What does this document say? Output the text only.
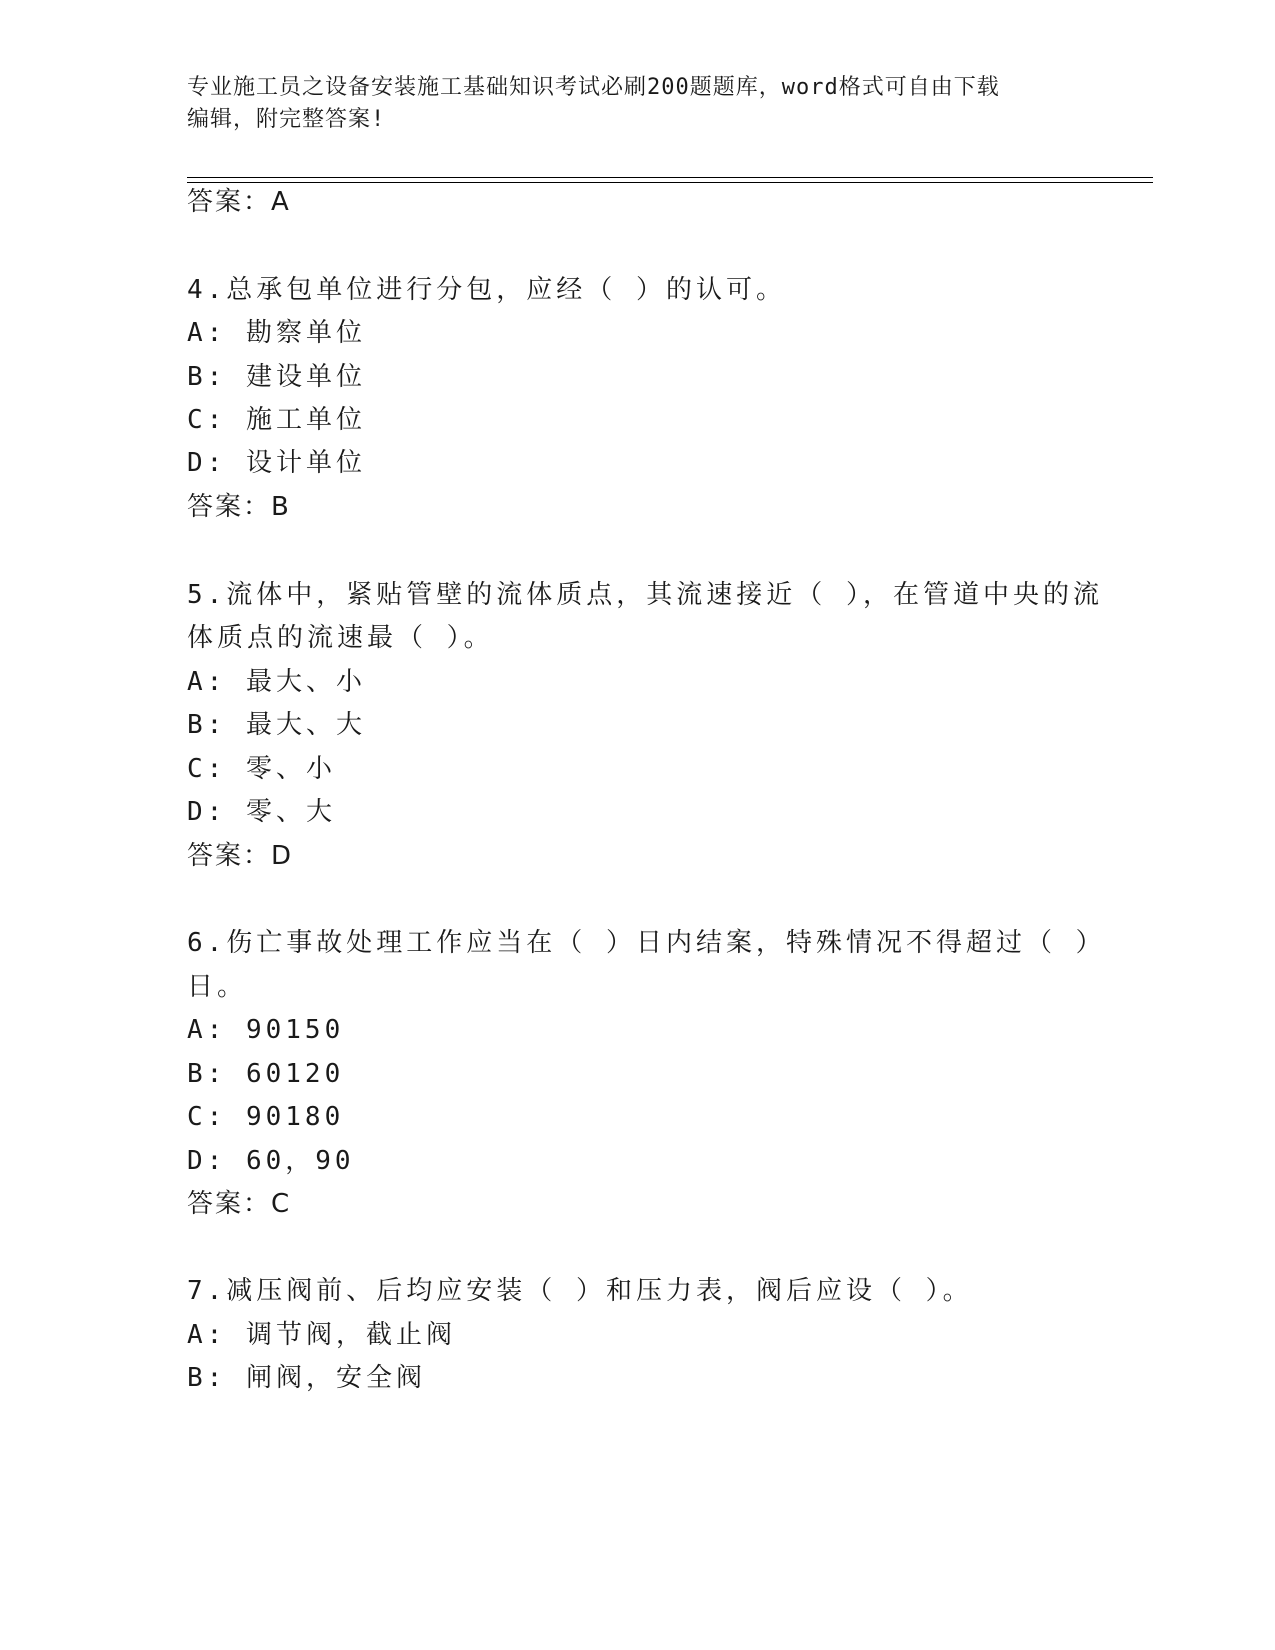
专业施工员之设备安装施工基础知识考试必刷200题题库，word格式可自由下载
编辑，附完整答案!
答案：A
4.总承包单位进行分包，应经（ ）的认可。
A: 勘察单位
B: 建设单位
C: 施工单位
D: 设计单位
答案：B
5.流体中，紧贴管壁的流体质点，其流速接近（ ），在管道中央的流
体质点的流速最（ ）。
A: 最大、小
B: 最大、大
C: 零、小
D: 零、大
答案：D
6.伤亡事故处理工作应当在（ ）日内结案，特殊情况不得超过（ ）
日。
A: 90150
B: 60120
C: 90180
D: 60，90
答案：C
7.减压阀前、后均应安装（ ）和压力表，阀后应设（ ）。
A: 调节阀，截止阀
B: 闸阀，安全阀
